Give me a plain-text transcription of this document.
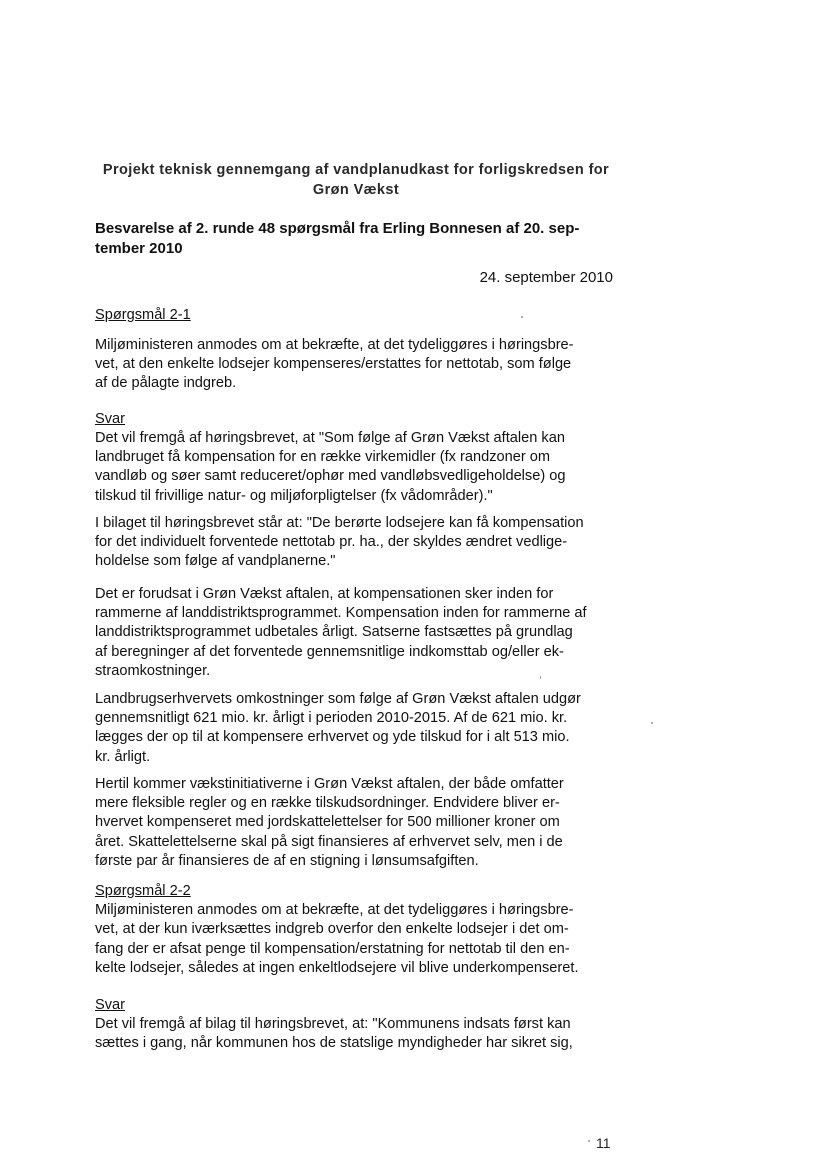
Projekt teknisk gennemgang af vandplanudkast for forligskredsen for
Grøn Vækst
Besvarelse af 2. runde 48 spørgsmål fra Erling Bonnesen af 20. sep-
tember 2010
24. september 2010
Spørgsmål 2-1
Miljøministeren anmodes om at bekræfte, at det tydeliggøres i høringsbre-
vet, at den enkelte lodsejer kompenseres/erstattes for nettotab, som følge
af de pålagte indgreb.
Svar
Det vil fremgå af høringsbrevet, at "Som følge af Grøn Vækst aftalen kan
landbruget få kompensation for en række virkemidler (fx randzoner om
vandløb og søer samt reduceret/ophør med vandløbsvedligeholdelse) og
tilskud til frivillige natur- og miljøforpligtelser (fx vådområder)."
I bilaget til høringsbrevet står at: "De berørte lodsejere kan få kompensation
for det individuelt forventede nettotab pr. ha., der skyldes ændret vedlige-
holdelse som følge af vandplanerne."
Det er forudsat i Grøn Vækst aftalen, at kompensationen sker inden for
rammerne af landdistriktsprogrammet. Kompensation inden for rammerne af
landdistriktsprogrammet udbetales årligt. Satserne fastsættes på grundlag
af beregninger af det forventede gennemsnitlige indkomsttab og/eller ek-
straomkostninger.
Landbrugserhvervets omkostninger som følge af Grøn Vækst aftalen udgør
gennemsnitligt 621 mio. kr. årligt i perioden 2010-2015. Af de 621 mio. kr.
lægges der op til at kompensere erhvervet og yde tilskud for i alt 513 mio.
kr. årligt.
Hertil kommer vækstinitiativerne i Grøn Vækst aftalen, der både omfatter
mere fleksible regler og en række tilskudsordninger. Endvidere bliver er-
hvervet kompenseret med jordskattelettelser for 500 millioner kroner om
året. Skattelettelserne skal på sigt finansieres af erhvervet selv, men i de
første par år finansieres de af en stigning i lønsumsafgiften.
Spørgsmål 2-2
Miljøministeren anmodes om at bekræfte, at det tydeliggøres i høringsbre-
vet, at der kun iværksættes indgreb overfor den enkelte lodsejer i det om-
fang der er afsat penge til kompensation/erstatning for nettotab til den en-
kelte lodsejer, således at ingen enkeltlodsejere vil blive underkompenseret.
Svar
Det vil fremgå af bilag til høringsbrevet, at: "Kommunens indsats først kan
sættes i gang, når kommunen hos de statslige myndigheder har sikret sig,
11
